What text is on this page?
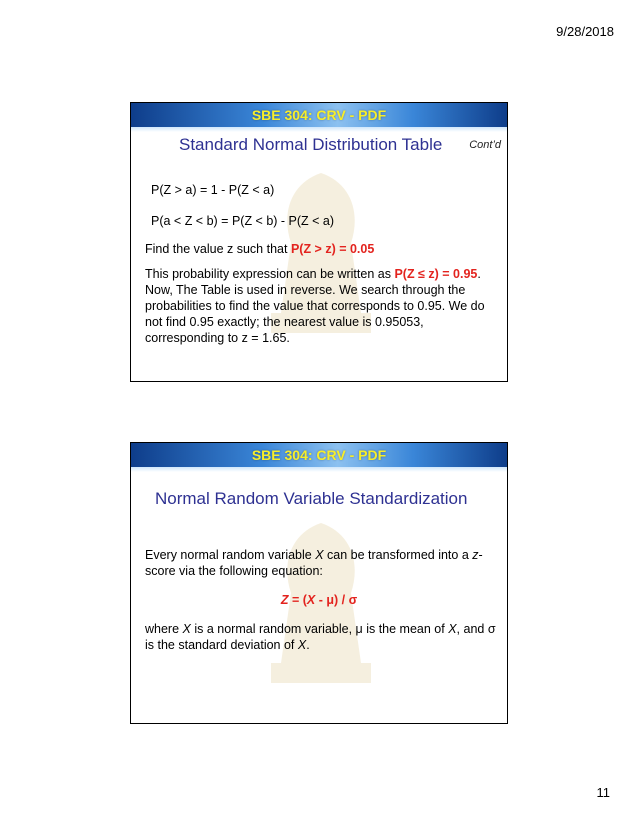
9/28/2018
SBE 304: CRV - PDF
Standard Normal Distribution Table Cont’d
P(Z > a) = 1 - P(Z < a)
P(a < Z < b) = P(Z < b) - P(Z < a)
Find the value z such that P(Z > z) = 0.05
This probability expression can be written as P(Z ≤ z) = 0.95. Now, The Table is used in reverse. We search through the probabilities to find the value that corresponds to 0.95. We do not find 0.95 exactly; the nearest value is 0.95053, corresponding to z = 1.65.
SBE 304: CRV - PDF
Normal Random Variable Standardization
Every normal random variable X can be transformed into a z-score via the following equation:
Z = (X - μ) / σ
where X is a normal random variable, μ is the mean of X, and σ is the standard deviation of X.
11
